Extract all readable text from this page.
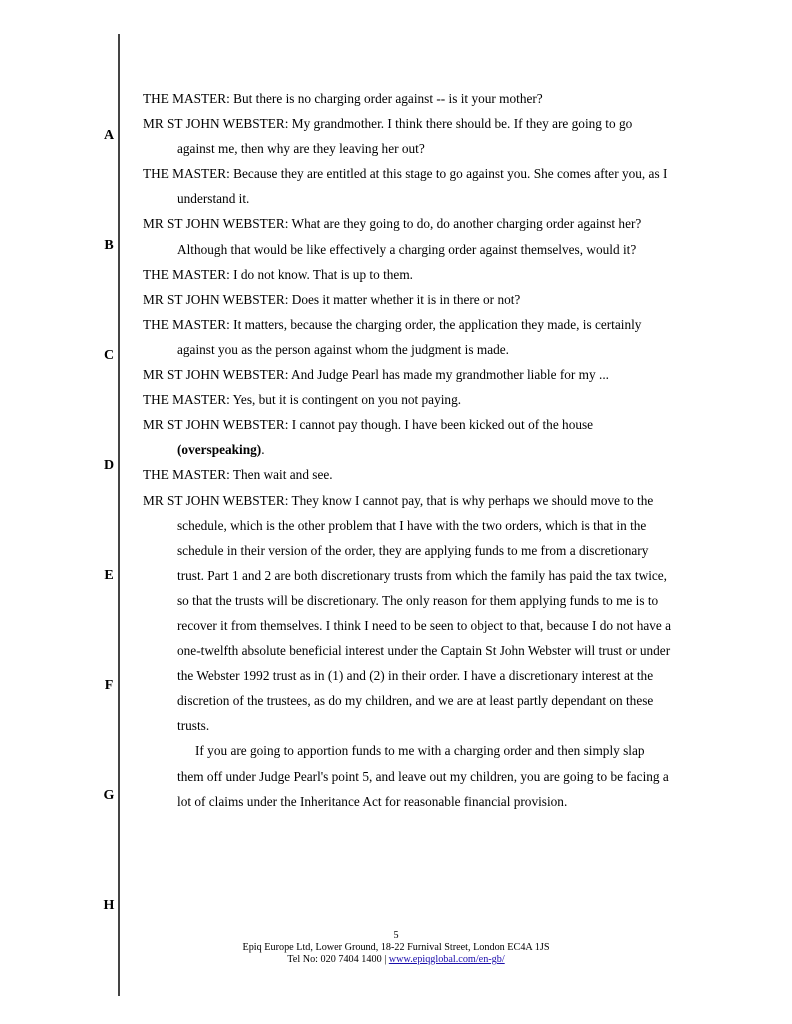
A
B
C
D
E
F
G
H

THE MASTER: But there is no charging order against -- is it your mother?

MR ST JOHN WEBSTER: My grandmother. I think there should be. If they are going to go against me, then why are they leaving her out?

THE MASTER: Because they are entitled at this stage to go against you. She comes after you, as I understand it.

MR ST JOHN WEBSTER: What are they going to do, do another charging order against her? Although that would be like effectively a charging order against themselves, would it?

THE MASTER: I do not know. That is up to them.

MR ST JOHN WEBSTER: Does it matter whether it is in there or not?

THE MASTER: It matters, because the charging order, the application they made, is certainly against you as the person against whom the judgment is made.

MR ST JOHN WEBSTER: And Judge Pearl has made my grandmother liable for my ...

THE MASTER: Yes, but it is contingent on you not paying.

MR ST JOHN WEBSTER: I cannot pay though. I have been kicked out of the house (overspeaking).

THE MASTER: Then wait and see.

MR ST JOHN WEBSTER: They know I cannot pay, that is why perhaps we should move to the schedule, which is the other problem that I have with the two orders, which is that in the schedule in their version of the order, they are applying funds to me from a discretionary trust. Part 1 and 2 are both discretionary trusts from which the family has paid the tax twice, so that the trusts will be discretionary. The only reason for them applying funds to me is to recover it from themselves. I think I need to be seen to object to that, because I do not have a one-twelfth absolute beneficial interest under the Captain St John Webster will trust or under the Webster 1992 trust as in (1) and (2) in their order. I have a discretionary interest at the discretion of the trustees, as do my children, and we are at least partly dependant on these trusts.

If you are going to apportion funds to me with a charging order and then simply slap them off under Judge Pearl's point 5, and leave out my children, you are going to be facing a lot of claims under the Inheritance Act for reasonable financial provision.

5
Epiq Europe Ltd, Lower Ground, 18-22 Furnival Street, London EC4A 1JS
Tel No: 020 7404 1400 | www.epiqglobal.com/en-gb/
